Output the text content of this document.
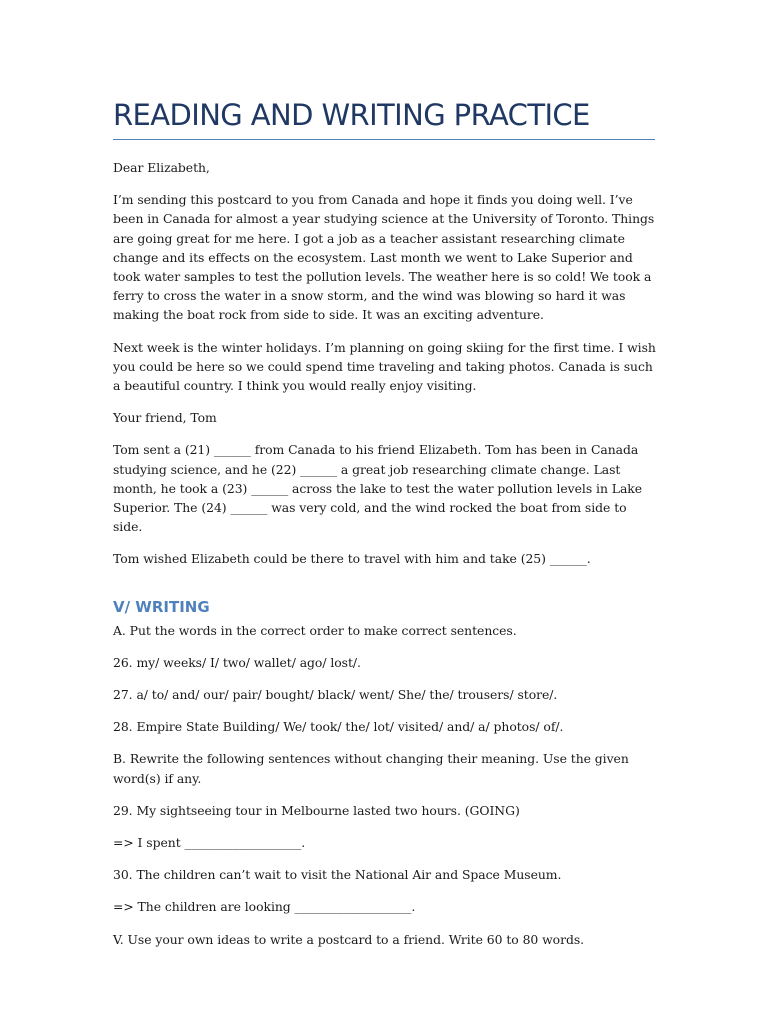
READING AND WRITING PRACTICE

Dear Elizabeth,

I’m sending this postcard to you from Canada and hope it finds you doing well. I’ve been in Canada for almost a year studying science at the University of Toronto. Things are going great for me here. I got a job as a teacher assistant researching climate change and its effects on the ecosystem. Last month we went to Lake Superior and took water samples to test the pollution levels. The weather here is so cold! We took a ferry to cross the water in a snow storm, and the wind was blowing so hard it was making the boat rock from side to side. It was an exciting adventure.

Next week is the winter holidays. I’m planning on going skiing for the first time. I wish you could be here so we could spend time traveling and taking photos. Canada is such a beautiful country. I think you would really enjoy visiting.

Your friend, Tom

Tom sent a (21) ______ from Canada to his friend Elizabeth. Tom has been in Canada studying science, and he (22) ______ a great job researching climate change. Last month, he took a (23) ______ across the lake to test the water pollution levels in Lake Superior. The (24) ______ was very cold, and the wind rocked the boat from side to side.

Tom wished Elizabeth could be there to travel with him and take (25) ______.

V/ WRITING

A. Put the words in the correct order to make correct sentences.

26. my/ weeks/ I/ two/ wallet/ ago/ lost/.

27. a/ to/ and/ our/ pair/ bought/ black/ went/ She/ the/ trousers/ store/.

28. Empire State Building/ We/ took/ the/ lot/ visited/ and/ a/ photos/ of/.

B. Rewrite the following sentences without changing their meaning. Use the given word(s) if any.

29. My sightseeing tour in Melbourne lasted two hours. (GOING)

=> I spent ___________________.

30. The children can’t wait to visit the National Air and Space Museum.

=> The children are looking ___________________.

V. Use your own ideas to write a postcard to a friend. Write 60 to 80 words.
